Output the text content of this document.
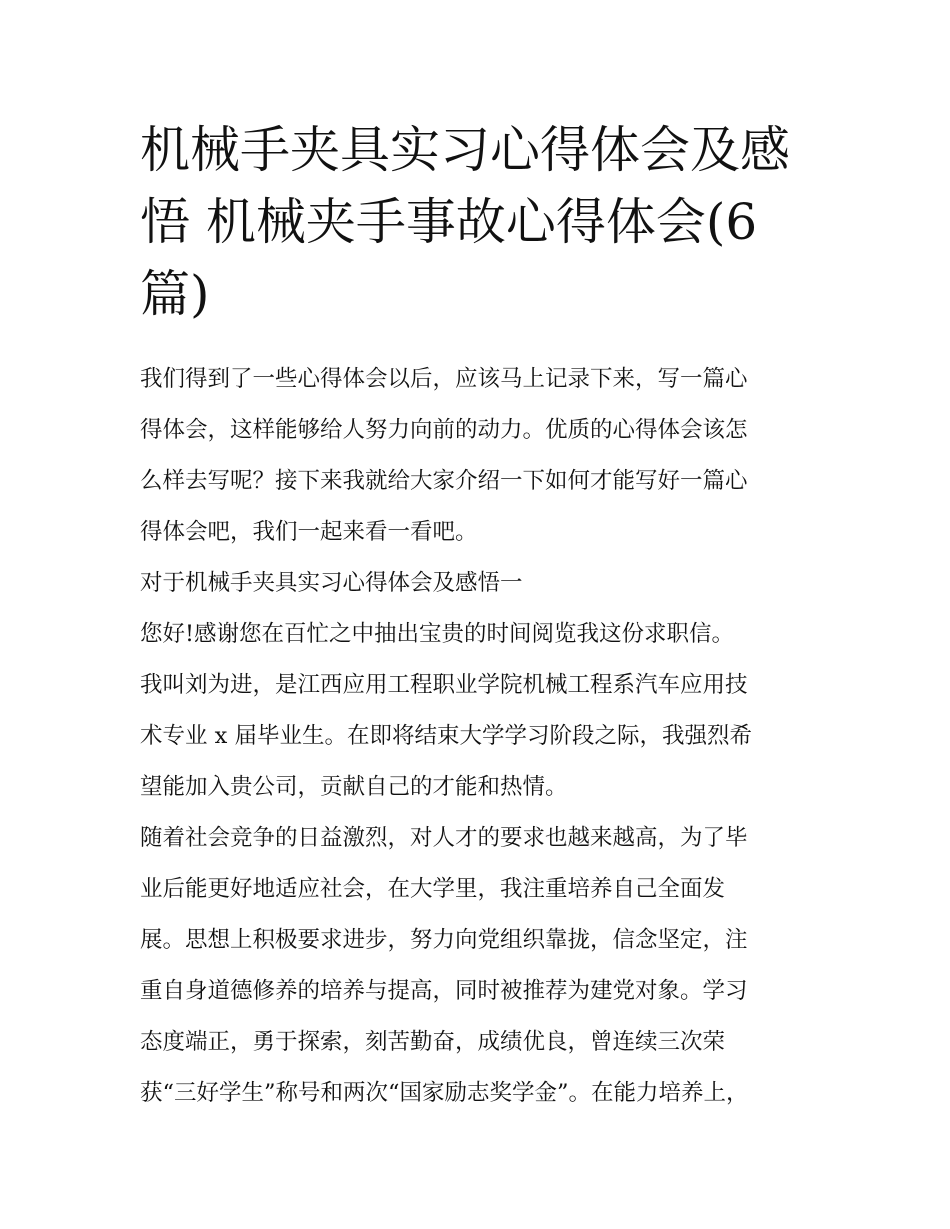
机械手夹具实习心得体会及感
悟 机械夹手事故心得体会(6
篇)
我们得到了一些心得体会以后，应该马上记录下来，写一篇心
得体会，这样能够给人努力向前的动力。优质的心得体会该怎
么样去写呢？接下来我就给大家介绍一下如何才能写好一篇心
得体会吧，我们一起来看一看吧。
对于机械手夹具实习心得体会及感悟一
您好!感谢您在百忙之中抽出宝贵的时间阅览我这份求职信。
我叫刘为进，是江西应用工程职业学院机械工程系汽车应用技
术专业 x 届毕业生。在即将结束大学学习阶段之际，我强烈希
望能加入贵公司，贡献自己的才能和热情。
随着社会竞争的日益激烈，对人才的要求也越来越高，为了毕
业后能更好地适应社会，在大学里，我注重培养自己全面发
展。思想上积极要求进步，努力向党组织靠拢，信念坚定，注
重自身道德修养的培养与提高，同时被推荐为建党对象。学习
态度端正，勇于探索，刻苦勤奋，成绩优良，曾连续三次荣
获“三好学生”称号和两次“国家励志奖学金”。在能力培养上，
